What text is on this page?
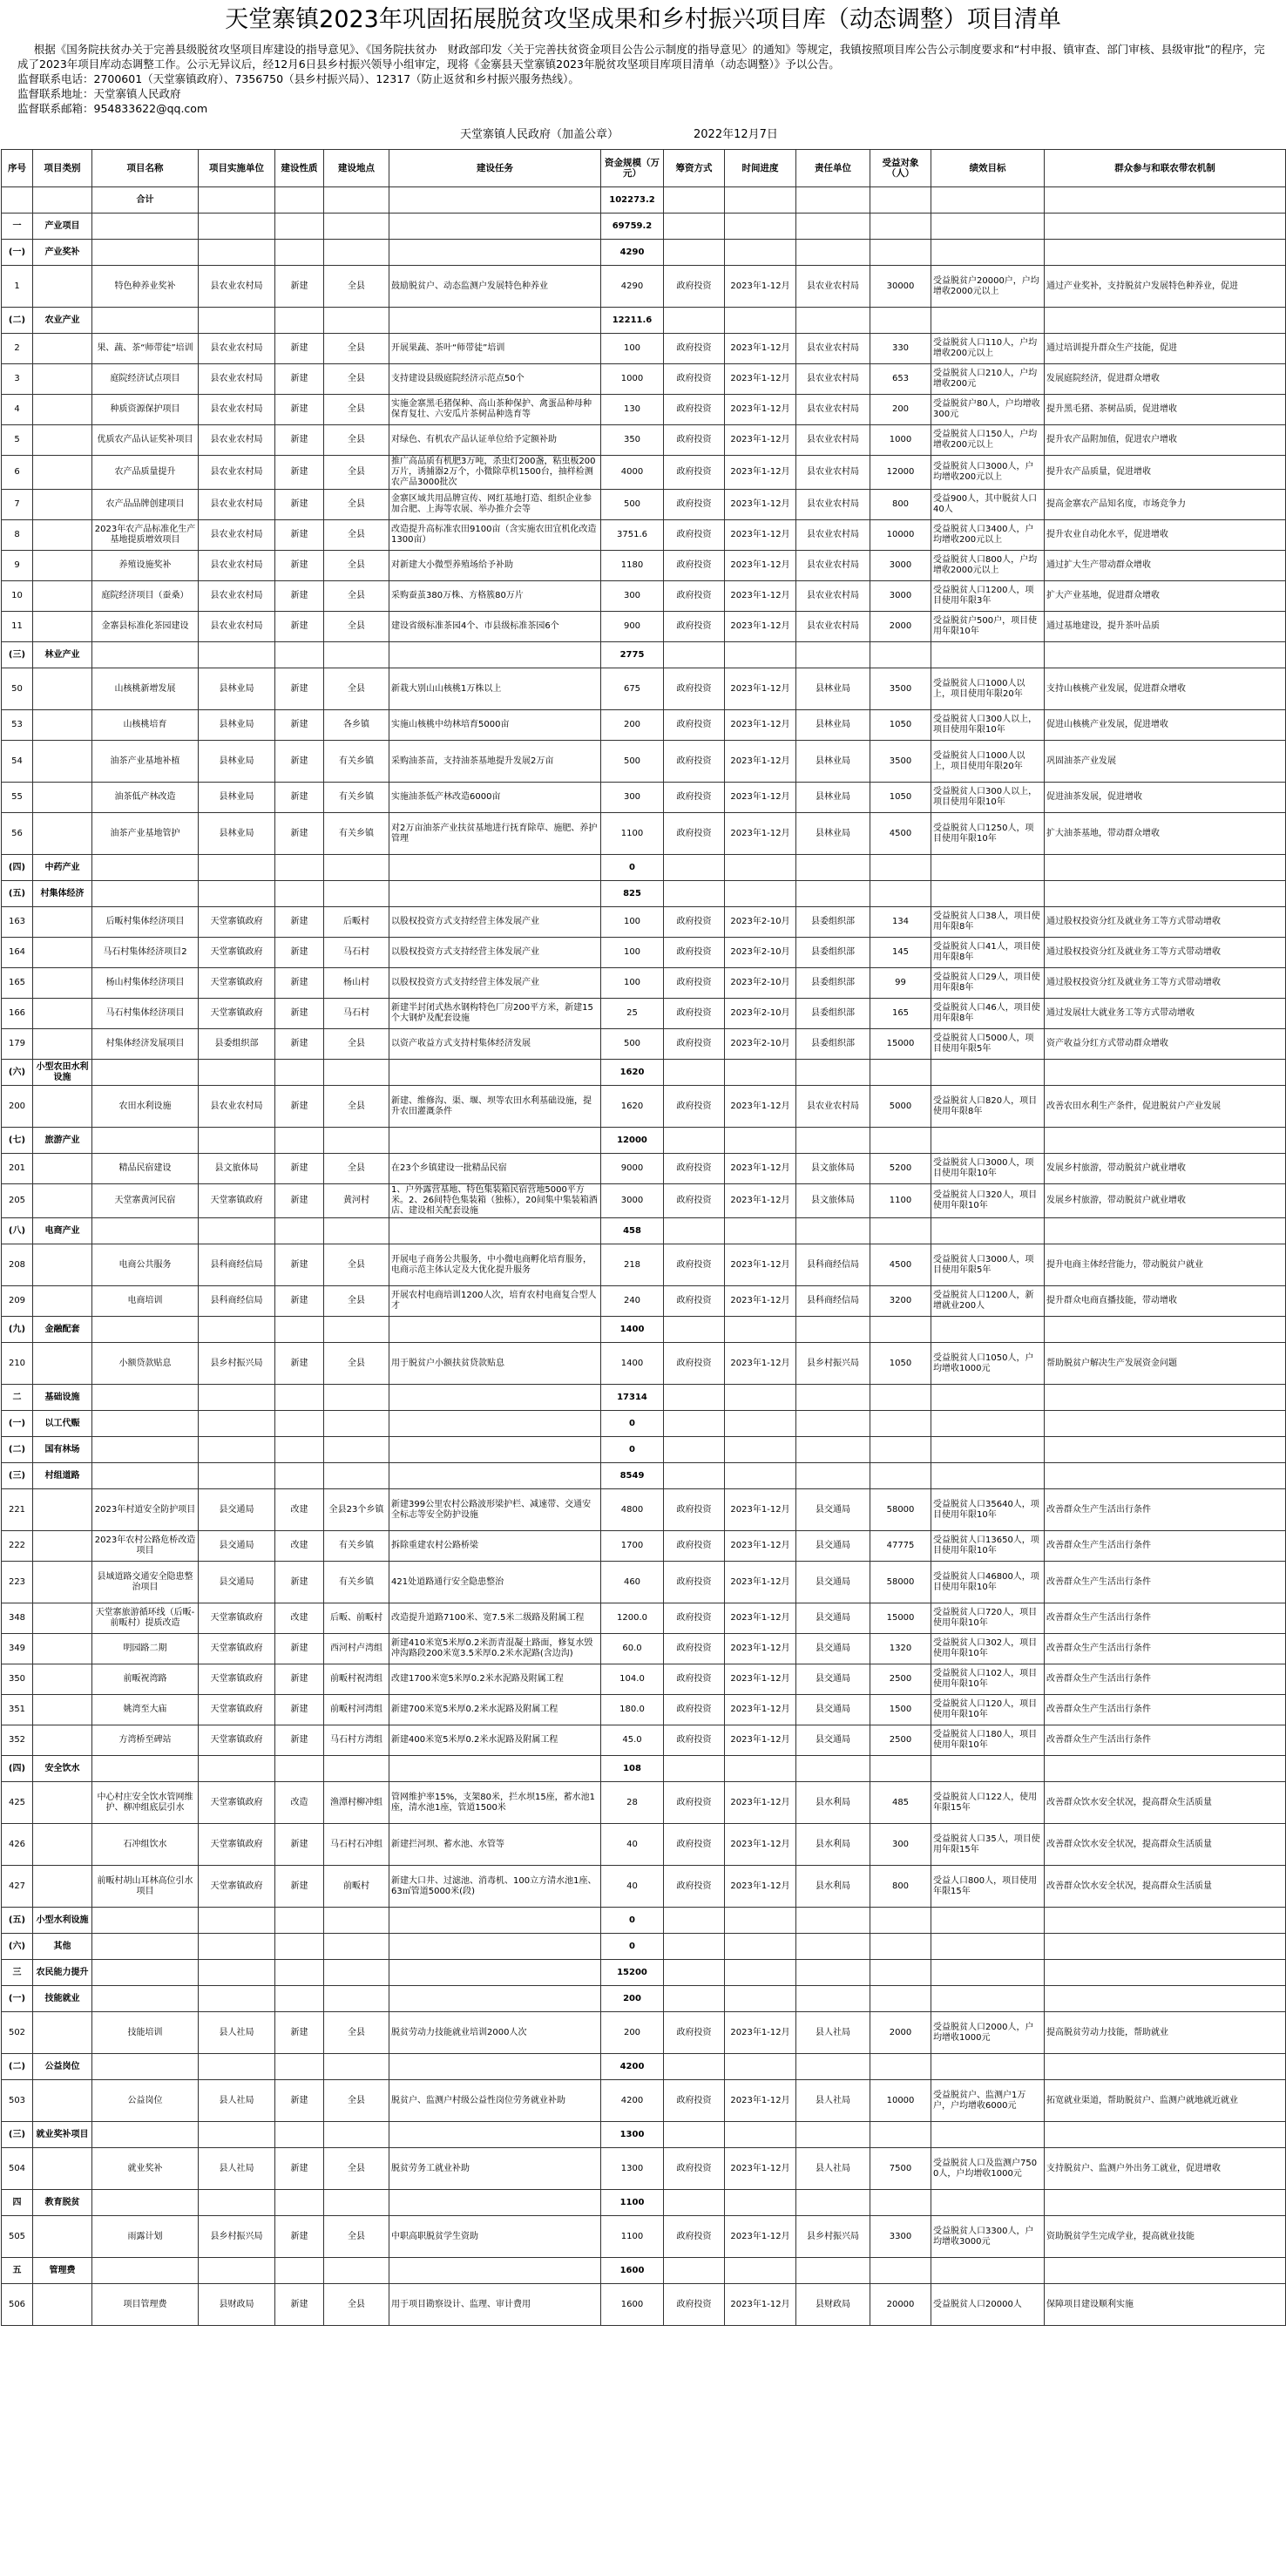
天堂寨镇2023年巩固拓展脱贫攻坚成果和乡村振兴项目库（动态调整）项目清单

根据《国务院扶贫办关于完善县级脱贫攻坚项目库建设的指导意见》、《国务院扶贫办　财政部印发〈关于完善扶贫资金项目公告公示制度的指导意见〉的通知》等规定，我镇按照项目库公告公示制度要求和“村申报、镇审查、部门审核、县级审批”的程序，完成了2023年项目库动态调整工作。公示无异议后，经12月6日县乡村振兴领导小组审定，现将《金寨县天堂寨镇2023年脱贫攻坚项目库项目清单（动态调整）》予以公告。

监督联系电话：2700601（天堂寨镇政府）、7356750（县乡村振兴局）、12317（防止返贫和乡村振兴服务热线）。

监督联系地址：天堂寨镇人民政府

监督联系邮箱：954833622@qq.com

天堂寨镇人民政府（加盖公章）	2022年12月7日
序号	项目类别	项目名称	项目实施单位	建设性质	建设地点	建设任务	资金规模（万元）	筹资方式	时间进度	责任单位	受益对象（人）	绩效目标	群众参与和联农带农机制
		合计					102273.2						
一	产业项目						69759.2						
(一)	产业奖补						4290						
1		特色种养业奖补	县农业农村局	新建	全县	鼓励脱贫户、动态监测户发展特色种养业	4290	政府投资	2023年1-12月	县农业农村局	30000	受益脱贫户20000户，户均增收2000元以上	通过产业奖补，支持脱贫户发展特色种养业，促进
(二)	农业产业						12211.6						
2		果、蔬、茶“师带徒”培训	县农业农村局	新建	全县	开展果蔬、茶叶“师带徒”培训	100	政府投资	2023年1-12月	县农业农村局	330	受益脱贫人口110人，户均增收200元以上	通过培训提升群众生产技能，促进
3		庭院经济试点项目	县农业农村局	新建	全县	支持建设县级庭院经济示范点50个	1000	政府投资	2023年1-12月	县农业农村局	653	受益脱贫人口210人，户均增收200元	发展庭院经济，促进群众增收
4		种质资源保护项目	县农业农村局	新建	全县	实施金寨黑毛猪保种、高山茶种保护、禽蛋品种母种保育复壮、六安瓜片茶树品种选育等	130	政府投资	2023年1-12月	县农业农村局	200	受益脱贫户80人，户均增收300元	提升黑毛猪、茶树品质，促进增收
5		优质农产品认证奖补项目	县农业农村局	新建	全县	对绿色、有机农产品认证单位给予定额补助	350	政府投资	2023年1-12月	县农业农村局	1000	受益脱贫人口150人，户均增收200元以上	提升农产品附加值，促进农户增收
6		农产品质量提升	县农业农村局	新建	全县	推广高品质有机肥3万吨，杀虫灯200盏，粘虫板200万片，诱捕器2万个，小微除草机1500台，抽样检测农产品3000批次	4000	政府投资	2023年1-12月	县农业农村局	12000	受益脱贫人口3000人，户均增收200元以上	提升农产品质量，促进增收
7		农产品品牌创建项目	县农业农村局	新建	全县	金寨区域共用品牌宣传、网红基地打造、组织企业参加合肥、上海等农展、举办推介会等	500	政府投资	2023年1-12月	县农业农村局	800	受益900人，其中脱贫人口40人	提高金寨农产品知名度，市场竞争力
8		2023年农产品标准化生产基地提质增效项目	县农业农村局	新建	全县	改造提升高标准农田9100亩（含实施农田宜机化改造1300亩）	3751.6	政府投资	2023年1-12月	县农业农村局	10000	受益脱贫人口3400人，户均增收200元以上	提升农业自动化水平，促进增收
9		养殖设施奖补	县农业农村局	新建	全县	对新建大小微型养殖场给予补助	1180	政府投资	2023年1-12月	县农业农村局	3000	受益脱贫人口800人，户均增收2000元以上	通过扩大生产带动群众增收
10		庭院经济项目（蚕桑）	县农业农村局	新建	全县	采购蚕茧380万株、方格簇80万片	300	政府投资	2023年1-12月	县农业农村局	3000	受益脱贫人口1200人，项目使用年限3年	扩大产业基地，促进群众增收
11		金寨县标准化茶园建设	县农业农村局	新建	全县	建设省级标准茶园4个、市县级标准茶园6个	900	政府投资	2023年1-12月	县农业农村局	2000	受益脱贫户500户，项目使用年限10年	通过基地建设，提升茶叶品质
(三)	林业产业						2775						
50		山核桃新增发展	县林业局	新建	全县	新栽大别山山核桃1万株以上	675	政府投资	2023年1-12月	县林业局	3500	受益脱贫人口1000人以上，项目使用年限20年	支持山核桃产业发展，促进群众增收
53		山核桃培育	县林业局	新建	各乡镇	实施山核桃中幼林培育5000亩	200	政府投资	2023年1-12月	县林业局	1050	受益脱贫人口300人以上，项目使用年限10年	促进山核桃产业发展，促进增收
54		油茶产业基地补植	县林业局	新建	有关乡镇	采购油茶苗，支持油茶基地提升发展2万亩	500	政府投资	2023年1-12月	县林业局	3500	受益脱贫人口1000人以上，项目使用年限20年	巩固油茶产业发展
55		油茶低产林改造	县林业局	新建	有关乡镇	实施油茶低产林改造6000亩	300	政府投资	2023年1-12月	县林业局	1050	受益脱贫人口300人以上，项目使用年限10年	促进油茶发展，促进增收
56		油茶产业基地管护	县林业局	新建	有关乡镇	对2万亩油茶产业扶贫基地进行抚育除草、施肥、养护管理	1100	政府投资	2023年1-12月	县林业局	4500	受益脱贫人口1250人，项目使用年限10年	扩大油茶基地，带动群众增收
(四)	中药产业						0						
(五)	村集体经济						825						
163		后畈村集体经济项目	天堂寨镇政府	新建	后畈村	以股权投资方式支持经营主体发展产业	100	政府投资	2023年2-10月	县委组织部	134	受益脱贫人口38人，项目使用年限8年	通过股权投资分红及就业务工等方式带动增收
164		马石村集体经济项目2	天堂寨镇政府	新建	马石村	以股权投资方式支持经营主体发展产业	100	政府投资	2023年2-10月	县委组织部	145	受益脱贫人口41人，项目使用年限8年	通过股权投资分红及就业务工等方式带动增收
165		杨山村集体经济项目	天堂寨镇政府	新建	杨山村	以股权投资方式支持经营主体发展产业	100	政府投资	2023年2-10月	县委组织部	99	受益脱贫人口29人，项目使用年限8年	通过股权投资分红及就业务工等方式带动增收
166		马石村集体经济项目	天堂寨镇政府	新建	马石村	新建半封闭式热水钢构特色厂房200平方米，新建15个大钢炉及配套设施	25	政府投资	2023年2-10月	县委组织部	165	受益脱贫人口46人，项目使用年限8年	通过发展壮大就业务工等方式带动增收
179		村集体经济发展项目	县委组织部	新建	全县	以资产收益方式支持村集体经济发展	500	政府投资	2023年2-10月	县委组织部	15000	受益脱贫人口5000人，项目使用年限5年	资产收益分红方式带动群众增收
(六)	小型农田水利设施						1620						
200		农田水利设施	县农业农村局	新建	全县	新建、维修沟、渠、堰、坝等农田水利基础设施，提升农田灌溉条件	1620	政府投资	2023年1-12月	县农业农村局	5000	受益脱贫人口820人，项目使用年限8年	改善农田水利生产条件，促进脱贫户产业发展
(七)	旅游产业						12000						
201		精品民宿建设	县文旅体局	新建	全县	在23个乡镇建设一批精品民宿	9000	政府投资	2023年1-12月	县文旅体局	5200	受益脱贫人口3000人，项目使用年限10年	发展乡村旅游，带动脱贫户就业增收
205		天堂寨黄河民宿	天堂寨镇政府	新建	黄河村	1、户外露营基地、特色集装箱民宿营地5000平方米。2、26间特色集装箱（独栋），20间集中集装箱酒店、建设相关配套设施	3000	政府投资	2023年1-12月	县文旅体局	1100	受益脱贫人口320人，项目使用年限10年	发展乡村旅游，带动脱贫户就业增收
(八)	电商产业						458						
208		电商公共服务	县科商经信局	新建	全县	开展电子商务公共服务，中小微电商孵化培育服务，电商示范主体认定及大优化提升服务	218	政府投资	2023年1-12月	县科商经信局	4500	受益脱贫人口3000人，项目使用年限5年	提升电商主体经营能力，带动脱贫户就业
209		电商培训	县科商经信局	新建	全县	开展农村电商培训1200人次，培育农村电商复合型人才	240	政府投资	2023年1-12月	县科商经信局	3200	受益脱贫人口1200人，新增就业200人	提升群众电商直播技能，带动增收
(九)	金融配套						1400						
210		小额贷款贴息	县乡村振兴局	新建	全县	用于脱贫户小额扶贫贷款贴息	1400	政府投资	2023年1-12月	县乡村振兴局	1050	受益脱贫人口1050人，户均增收1000元	帮助脱贫户解决生产发展资金问题
二	基础设施						17314						
(一)	以工代赈						0						
(二)	国有林场						0						
(三)	村组道路						8549						
221		2023年村道安全防护项目	县交通局	改建	全县23个乡镇	新建399公里农村公路波形梁护栏、减速带、交通安全标志等安全防护设施	4800	政府投资	2023年1-12月	县交通局	58000	受益脱贫人口35640人，项目使用年限10年	改善群众生产生活出行条件
222		2023年农村公路危桥改造项目	县交通局	改建	有关乡镇	拆除重建农村公路桥梁	1700	政府投资	2023年1-12月	县交通局	47775	受益脱贫人口13650人，项目使用年限10年	改善群众生产生活出行条件
223		县域道路交通安全隐患整治项目	县交通局	新建	有关乡镇	421处道路通行安全隐患整治	460	政府投资	2023年1-12月	县交通局	58000	受益脱贫人口46800人，项目使用年限10年	改善群众生产生活出行条件
348		天堂寨旅游循环线（后畈-前畈村）提质改造	天堂寨镇政府	改建	后畈、前畈村	改造提升道路7100米、宽7.5米二级路及附属工程	1200.0	政府投资	2023年1-12月	县交通局	15000	受益脱贫人口720人，项目使用年限10年	改善群众生产生活出行条件
349		明园路二期	天堂寨镇政府	新建	西河村卢湾组	新建410米宽5米厚0.2米沥青混凝土路面，修复水毁冲沟路段200米宽3.5米厚0.2米水泥路(含边沟)	60.0	政府投资	2023年1-12月	县交通局	1320	受益脱贫人口302人，项目使用年限10年	改善群众生产生活出行条件
350		前畈祝湾路	天堂寨镇政府	新建	前畈村祝湾组	改建1700米宽5米厚0.2米水泥路及附属工程	104.0	政府投资	2023年1-12月	县交通局	2500	受益脱贫人口102人，项目使用年限10年	改善群众生产生活出行条件
351		姚湾至大庙	天堂寨镇政府	新建	前畈村河湾组	新建700米宽5米厚0.2米水泥路及附属工程	180.0	政府投资	2023年1-12月	县交通局	1500	受益脱贫人口120人，项目使用年限10年	改善群众生产生活出行条件
352		方湾桥至碑站	天堂寨镇政府	新建	马石村方湾组	新建400米宽5米厚0.2米水泥路及附属工程	45.0	政府投资	2023年1-12月	县交通局	2500	受益脱贫人口180人，项目使用年限10年	改善群众生产生活出行条件
(四)	安全饮水						108						
425		中心村庄安全饮水管网维护、柳冲组底层引水	天堂寨镇政府	改造	渔潭村柳冲组	管网维护率15%，支架80米，拦水坝15座，蓄水池1座，清水池1座，管道1500米	28	政府投资	2023年1-12月	县水利局	485	受益脱贫人口122人，使用年限15年	改善群众饮水安全状况，提高群众生活质量
426		石冲组饮水	天堂寨镇政府	新建	马石村石冲组	新建拦河坝、蓄水池、水管等	40	政府投资	2023年1-12月	县水利局	300	受益脱贫人口35人，项目使用年限15年	改善群众饮水安全状况，提高群众生活质量
427		前畈村胡山耳林高位引水项目	天堂寨镇政府	新建	前畈村	新建大口井、过滤池、消毒机、100立方清水池1座、63㎡管道5000米(段)	40	政府投资	2023年1-12月	县水利局	800	受益人口800人，项目使用年限15年	改善群众饮水安全状况，提高群众生活质量
(五)	小型水利设施						0						
(六)	其他						0						
三	农民能力提升						15200						
(一)	技能就业						200						
502		技能培训	县人社局	新建	全县	脱贫劳动力技能就业培训2000人次	200	政府投资	2023年1-12月	县人社局	2000	受益脱贫人口2000人，户均增收1000元	提高脱贫劳动力技能，帮助就业
(二)	公益岗位						4200						
503		公益岗位	县人社局	新建	全县	脱贫户、监测户村级公益性岗位劳务就业补助	4200	政府投资	2023年1-12月	县人社局	10000	受益脱贫户、监测户1万户，户均增收6000元	拓宽就业渠道，帮助脱贫户、监测户就地就近就业
(三)	就业奖补项目						1300						
504		就业奖补	县人社局	新建	全县	脱贫劳务工就业补助	1300	政府投资	2023年1-12月	县人社局	7500	受益脱贫人口及监测户7500人，户均增收1000元	支持脱贫户、监测户外出务工就业，促进增收
四	教育脱贫						1100						
505		雨露计划	县乡村振兴局	新建	全县	中职高职脱贫学生资助	1100	政府投资	2023年1-12月	县乡村振兴局	3300	受益脱贫人口3300人，户均增收3000元	资助脱贫学生完成学业，提高就业技能
五	管理费						1600						
506		项目管理费	县财政局	新建	全县	用于项目勘察设计、监理、审计费用	1600	政府投资	2023年1-12月	县财政局	20000	受益脱贫人口20000人	保障项目建设顺利实施
